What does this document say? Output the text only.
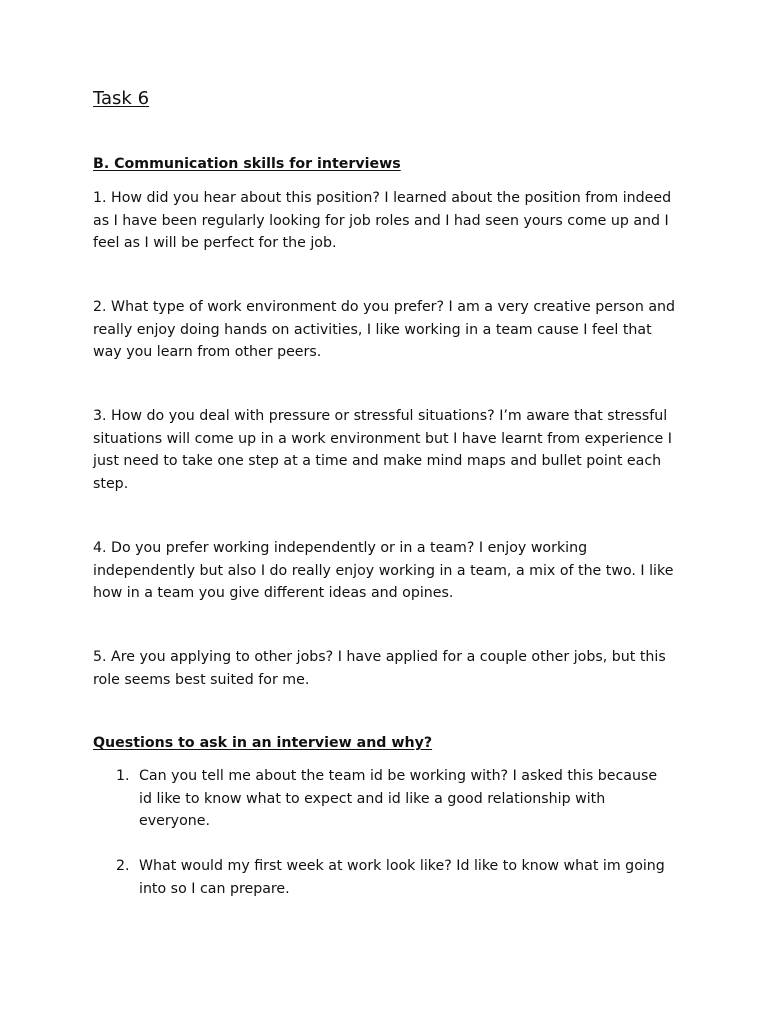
Task 6
B. Communication skills for interviews

1. How did you hear about this position? I learned about the position from indeed as I have been regularly looking for job roles and I had seen yours come up and I feel as I will be perfect for the job.

2. What type of work environment do you prefer? I am a very creative person and really enjoy doing hands on activities, I like working in a team cause I feel that way you learn from other peers.

3. How do you deal with pressure or stressful situations? I’m aware that stressful situations will come up in a work environment but I have learnt from experience I just need to take one step at a time and make mind maps and bullet point each step.

4. Do you prefer working independently or in a team? I enjoy working independently but also I do really enjoy working in a team, a mix of the two. I like how in a team you give different ideas and opines.

5. Are you applying to other jobs? I have applied for a couple other jobs, but this role seems best suited for me.

Questions to ask in an interview and why?
1. Can you tell me about the team id be working with? I asked this because id like to know what to expect and id like a good relationship with everyone.
2. What would my first week at work look like? Id like to know what im going into so I can prepare.
